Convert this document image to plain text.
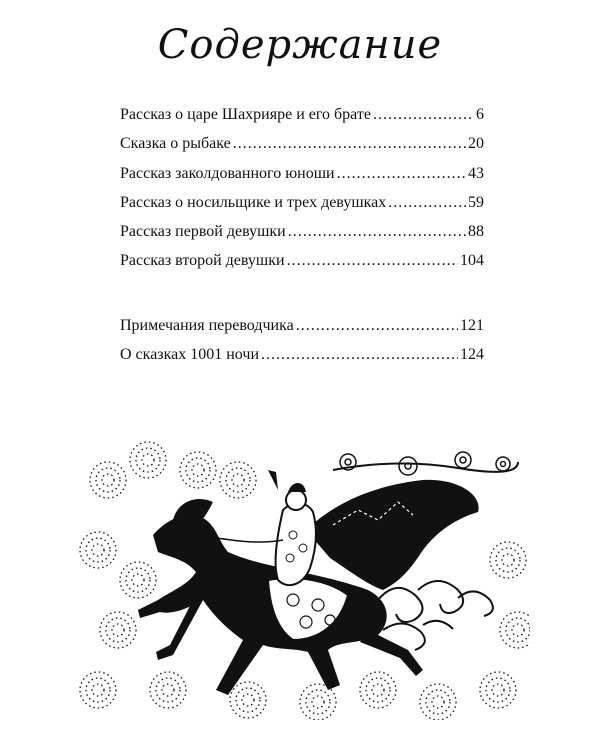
Содержание
Рассказ о царе Шахрияре и его брате .....	6
Сказка о рыбаке .....	20
Рассказ заколдованного юноши .....	43
Рассказ о носильщике и трех девушках .....	59
Рассказ первой девушки .....	88
Рассказ второй девушки .....	104
Примечания переводчика .....	121
О сказках 1001 ночи .....	124
